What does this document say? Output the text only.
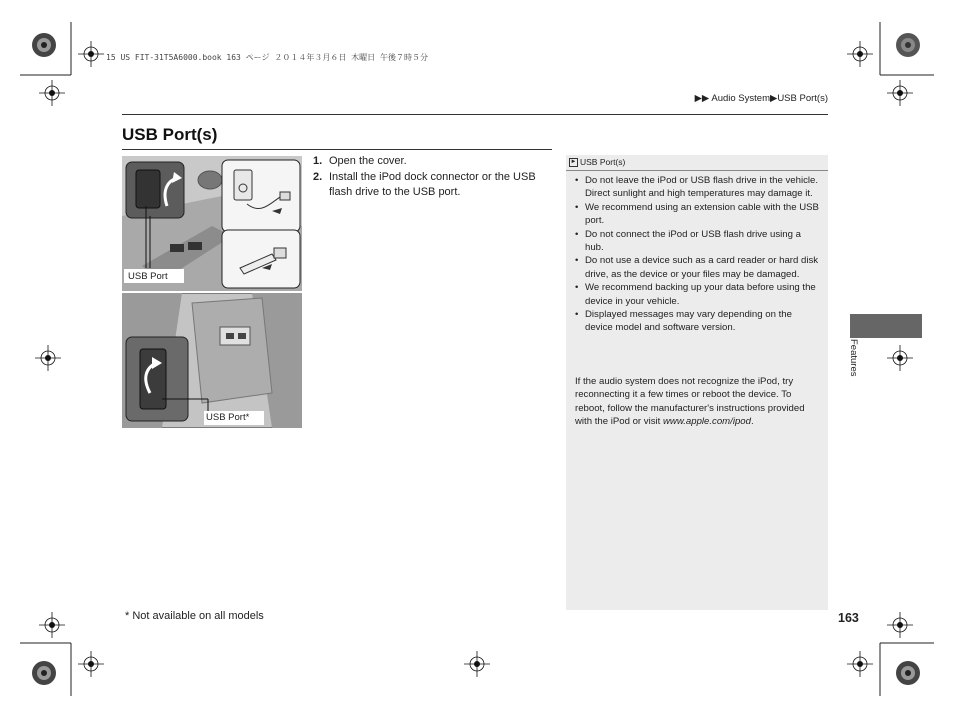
15 US FIT-31T5A6000.book 163 ページ ２０１４年３月６日 木曜日 午後７時５分
▶▶ Audio System▶USB Port(s)
USB Port(s)
USB Port
USB Port*
1. Open the cover.
2. Install the iPod dock connector or the USB flash drive to the USB port.
► USB Port(s)
• Do not leave the iPod or USB flash drive in the vehicle. Direct sunlight and high temperatures may damage it.
• We recommend using an extension cable with the USB port.
• Do not connect the iPod or USB flash drive using a hub.
• Do not use a device such as a card reader or hard disk drive, as the device or your files may be damaged.
• We recommend backing up your data before using the device in your vehicle.
• Displayed messages may vary depending on the device model and software version.

If the audio system does not recognize the iPod, try reconnecting it a few times or reboot the device. To reboot, follow the manufacturer's instructions provided with the iPod or visit www.apple.com/ipod.

Features
* Not available on all models	163
